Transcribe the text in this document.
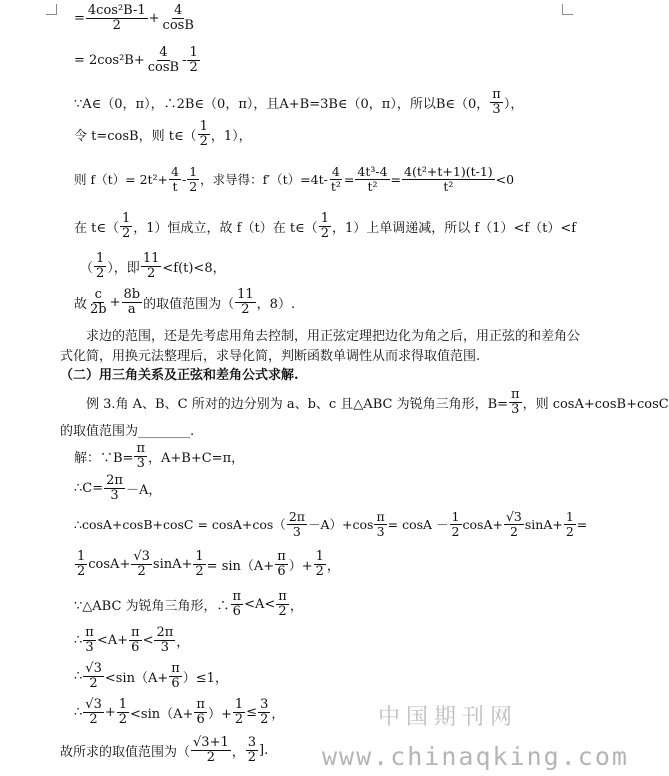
= $\frac{\text{4cos²B-1}}{2} + \frac{4}{\cos B}$
= $2\cos^2B+ \frac{4}{\cos B} - \frac{1}{2}$
∵A∈（0，π），∴2B∈（0，π），且A+B=3B∈（0，π），所以B∈（0， $\frac{\pi}{3}$ ），
令 t=cosB，则 t∈（ $\frac{1}{2}$ ，1），
则 $f(t)= 2t^2+ \frac{4}{t} - \frac{1}{2}$ ，求导得：$f'(t)=4t- \frac{4}{\text{t²}} = \frac{\text{4t³-4}}{\text{t²}} = \frac{\text{4(t²+t+1)(t-1)}}{\text{t²}} <0$
在 t∈（ $\frac{1}{2}$ ，1）恒成立，故 f（t）在 t∈（ $\frac{1}{2}$ ，1）上单调递减，所以 f（1）<f（t）<f
（ $\frac{1}{2}$ ），即 $\frac{11}{2} <f(t)<8$，
故 $\frac{c}{2b} + \frac{8b}{a}$ 的取值范围为（ $\frac{11}{2}$ ，8）.
求边的范围，还是先考虑用角去控制，用正弦定理把边化为角之后，用正弦的和差角公
式化简，用换元法整理后，求导化简，判断函数单调性从而求得取值范围.
（二）用三角关系及正弦和差角公式求解.
例 3.角 A、B、C 所对的边分别为 a、b、c 且△ABC 为锐角三角形，$B= \frac{\pi}{3}$ ，则 cosA+cosB+cosC
的取值范围为________.
解：∵B= $\frac{\pi}{3}$ ，A+B+C=π，
∴C= $\frac{2\pi}{3} -A$，
∴cosA+cosB+cosC = $\cos A+\cos( \frac{2\pi}{3} -A)+\cos \frac{\pi}{3} = \cos A - \frac{1}{2} \cos A+ \frac{√3}{2} \sin A+ \frac{1}{2}$ =
$\frac{1}{2} \cos A+ \frac{√3}{2} \sin A+ \frac{1}{2} = \sin(A+ \frac{\pi}{6}$ ）+ $\frac{1}{2}$ ，
∵△ABC 为锐角三角形，∴ $\frac{\pi}{6} <A< \frac{\pi}{2}$ ，
∴ $\frac{\pi}{3} <A+ \frac{\pi}{6} < \frac{2\pi}{3}$ ，
∴ $\frac{√3}{2} <\sin(A+ \frac{\pi}{6} )\le 1$，
∴ $\frac{√3}{2} + \frac{1}{2} <\sin(A+ \frac{\pi}{6}$ ）+ $\frac{1}{2} \le \frac{3}{2}$ ，
故所求的取值范围为（ $\frac{√3+1}{2}$ ， $\frac{3}{2}$ ].
中国期刊网
www.chinaqking.com
